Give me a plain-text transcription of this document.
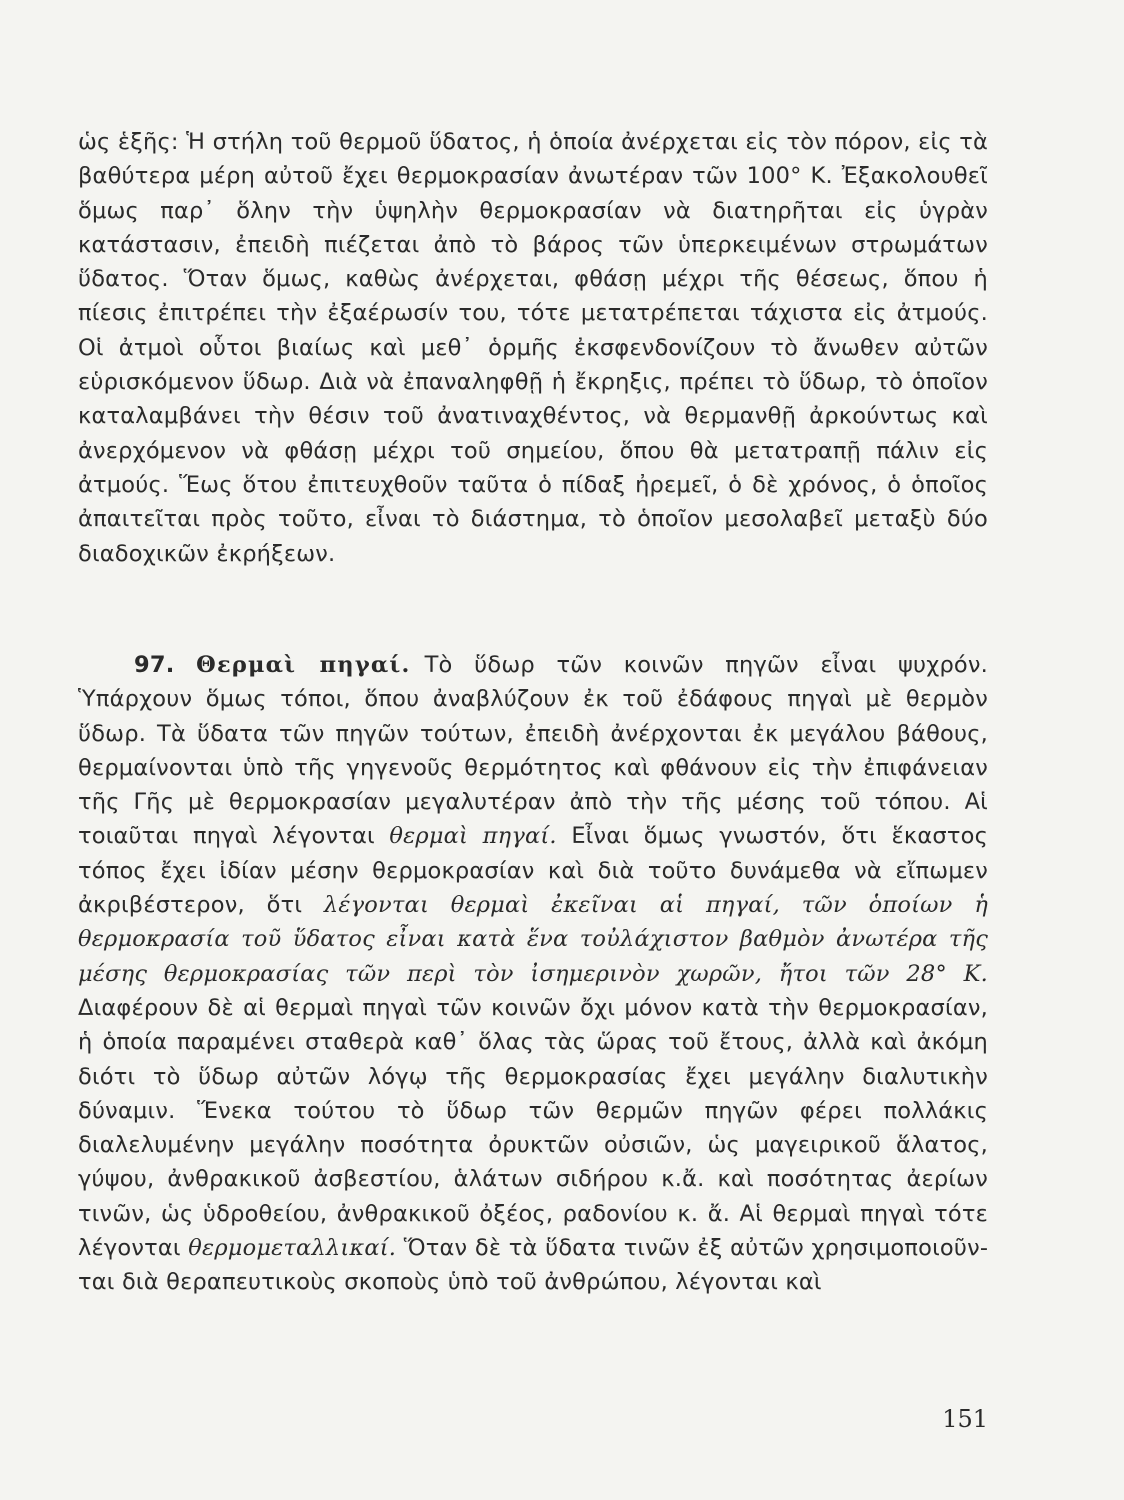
ὡς ἑξῆς: Ἡ στήλη τοῦ θερμοῦ ὕδατος, ἡ ὁποία ἀνέρχεται εἰς τὸν πόρον, εἰς τὰ βαθύτερα μέρη αὐτοῦ ἔχει θερμοκρασίαν ἀνωτέραν τῶν 100° Κ. Ἐξακολουθεῖ ὅμως παρ᾽ ὅλην τὴν ὑψηλὴν θερμοκρασίαν νὰ διατηρῆται εἰς ὑγρὰν κατάστασιν, ἐπειδὴ πιέζεται ἀπὸ τὸ βάρος τῶν ὑπερκειμένων στρωμάτων ὕδατος. Ὅταν ὅμως, καθὼς ἀνέρχεται, φθάσῃ μέχρι τῆς θέσεως, ὅπου ἡ πίεσις ἐπιτρέπει τὴν ἐξαέρωσίν του, τότε μετατρέπεται τάχιστα εἰς ἀτμούς. Οἱ ἀτμοὶ οὗτοι βιαίως καὶ μεθ᾽ ὁρμῆς ἐκσφενδονίζουν τὸ ἄνωθεν αὐτῶν εὑρισκόμενον ὕδωρ. Διὰ νὰ ἐπαναληφθῇ ἡ ἔκρηξις, πρέπει τὸ ὕδωρ, τὸ ὁποῖον καταλαμβάνει τὴν θέσιν τοῦ ἀνατιναχθέντος, νὰ θερμανθῇ ἀρκούντως καὶ ἀνερχόμενον νὰ φθάσῃ μέχρι τοῦ σημείου, ὅπου θὰ μετατραπῇ πάλιν εἰς ἀτμούς. Ἕως ὅτου ἐπιτευχθοῦν ταῦτα ὁ πίδαξ ἠρεμεῖ, ὁ δὲ χρόνος, ὁ ὁποῖος ἀπαιτεῖται πρὸς τοῦτο, εἶναι τὸ διάστημα, τὸ ὁποῖον μεσολαβεῖ μεταξὺ δύο διαδοχικῶν ἐκρήξεων.
97. Θερμαὶ πηγαί. Τὸ ὕδωρ τῶν κοινῶν πηγῶν εἶναι ψυχρόν. Ὑπάρχουν ὅμως τόποι, ὅπου ἀναβλύζουν ἐκ τοῦ ἐδάφους πηγαὶ μὲ θερμὸν ὕδωρ. Τὰ ὕδατα τῶν πηγῶν τούτων, ἐπειδὴ ἀνέρχονται ἐκ μεγάλου βάθους, θερμαίνονται ὑπὸ τῆς γηγενοῦς θερμότητος καὶ φθάνουν εἰς τὴν ἐπιφάνειαν τῆς Γῆς μὲ θερμοκρασίαν μεγαλυτέραν ἀπὸ τὴν τῆς μέσης τοῦ τόπου. Αἱ τοιαῦται πηγαὶ λέγονται θερμαὶ πηγαί. Εἶναι ὅμως γνωστόν, ὅτι ἕκαστος τόπος ἔχει ἰδίαν μέσην θερμοκρασίαν καὶ διὰ τοῦτο δυνάμεθα νὰ εἴπωμεν ἀκριβέστερον, ὅτι λέγονται θερμαὶ ἐκεῖναι αἱ πηγαί, τῶν ὁποίων ἡ θερμοκρασία τοῦ ὕδατος εἶναι κατὰ ἕνα τοὐλάχιστον βαθμὸν ἀνωτέρα τῆς μέσης θερμοκρασίας τῶν περὶ τὸν ἰσημερινὸν χωρῶν, ἤτοι τῶν 28° Κ. Διαφέρουν δὲ αἱ θερμαὶ πηγαὶ τῶν κοινῶν ὄχι μόνον κατὰ τὴν θερμοκρασίαν, ἡ ὁποία παραμένει σταθερὰ καθ᾽ ὅλας τὰς ὥρας τοῦ ἔτους, ἀλλὰ καὶ ἀκόμη διότι τὸ ὕδωρ αὐτῶν λόγῳ τῆς θερμοκρασίας ἔχει μεγάλην διαλυτικὴν δύναμιν. Ἕνεκα τούτου τὸ ὕδωρ τῶν θερμῶν πηγῶν φέρει πολλάκις διαλελυμένην μεγάλην ποσότητα ὀρυκτῶν οὐσιῶν, ὡς μαγειρικοῦ ἅλατος, γύψου, ἀνθρακικοῦ ἀσβεστίου, ἁλάτων σιδήρου κ.ἄ. καὶ ποσότητας ἀερίων τινῶν, ὡς ὑδροθείου, ἀνθρακικοῦ ὀξέος, ραδονίου κ. ἄ. Αἱ θερμαὶ πηγαὶ τότε λέγονται θερμομεταλλικαί. Ὅταν δὲ τὰ ὕδατα τινῶν ἐξ αὐτῶν χρησιμοποιοῦνται διὰ θεραπευτικοὺς σκοποὺς ὑπὸ τοῦ ἀνθρώπου, λέγονται καὶ
151
